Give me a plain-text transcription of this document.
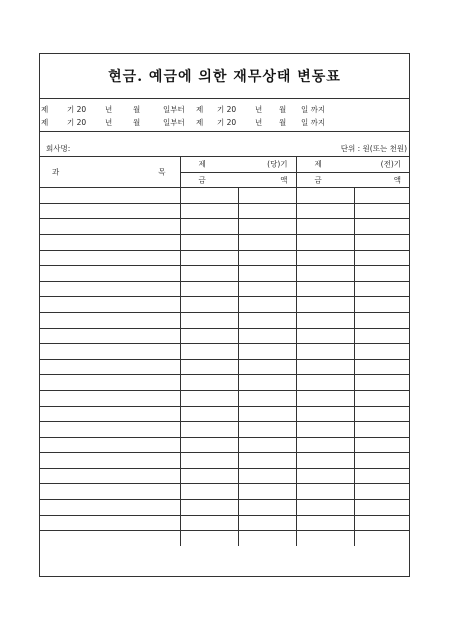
현금. 예금에 의한 재무상태 변동표
제	기 20	년	월	일부터 제 기 20	년 월 일 까지
제	기 20	년	월	일부터 제 기 20	년 월 일 까지
회사명:	단위 : 원(또는 천원)
과 목	제 (당)기		제 (전)기	

	금 액		금 액	
